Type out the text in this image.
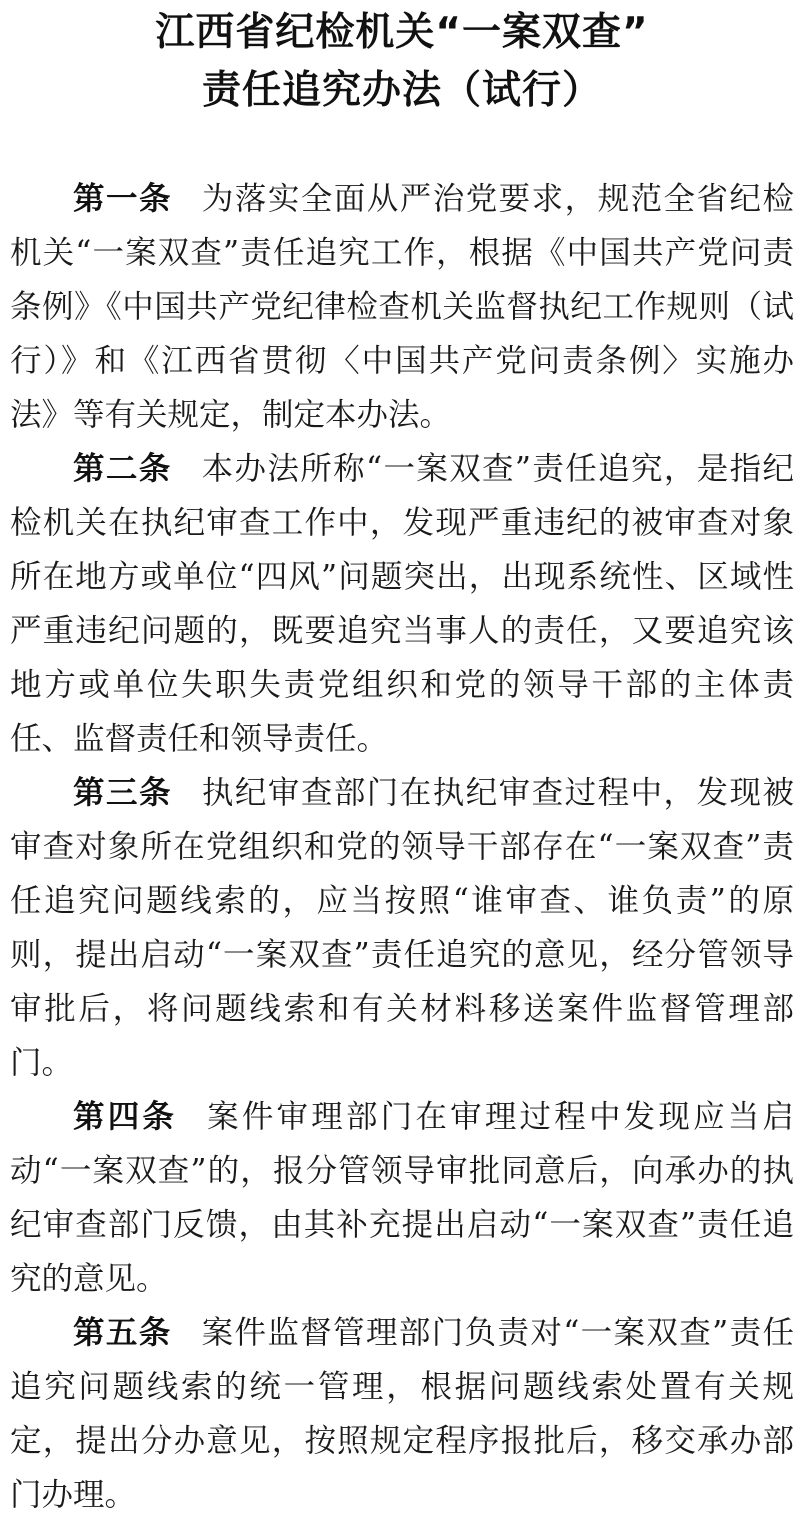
江西省纪检机关“一案双查”
责任追究办法（试行）

第一条 为落实全面从严治党要求，规范全省纪检机关“一案双查”责任追究工作，根据《中国共产党问责条例》《中国共产党纪律检查机关监督执纪工作规则（试行）》和《江西省贯彻〈中国共产党问责条例〉实施办法》等有关规定，制定本办法。

第二条 本办法所称“一案双查”责任追究，是指纪检机关在执纪审查工作中，发现严重违纪的被审查对象所在地方或单位“四风”问题突出，出现系统性、区域性严重违纪问题的，既要追究当事人的责任，又要追究该地方或单位失职失责党组织和党的领导干部的主体责任、监督责任和领导责任。

第三条 执纪审查部门在执纪审查过程中，发现被审查对象所在党组织和党的领导干部存在“一案双查”责任追究问题线索的，应当按照“谁审查、谁负责”的原则，提出启动“一案双查”责任追究的意见，经分管领导审批后，将问题线索和有关材料移送案件监督管理部门。

第四条 案件审理部门在审理过程中发现应当启动“一案双查”的，报分管领导审批同意后，向承办的执纪审查部门反馈，由其补充提出启动“一案双查”责任追究的意见。

第五条 案件监督管理部门负责对“一案双查”责任追究问题线索的统一管理，根据问题线索处置有关规定，提出分办意见，按照规定程序报批后，移交承办部门办理。
